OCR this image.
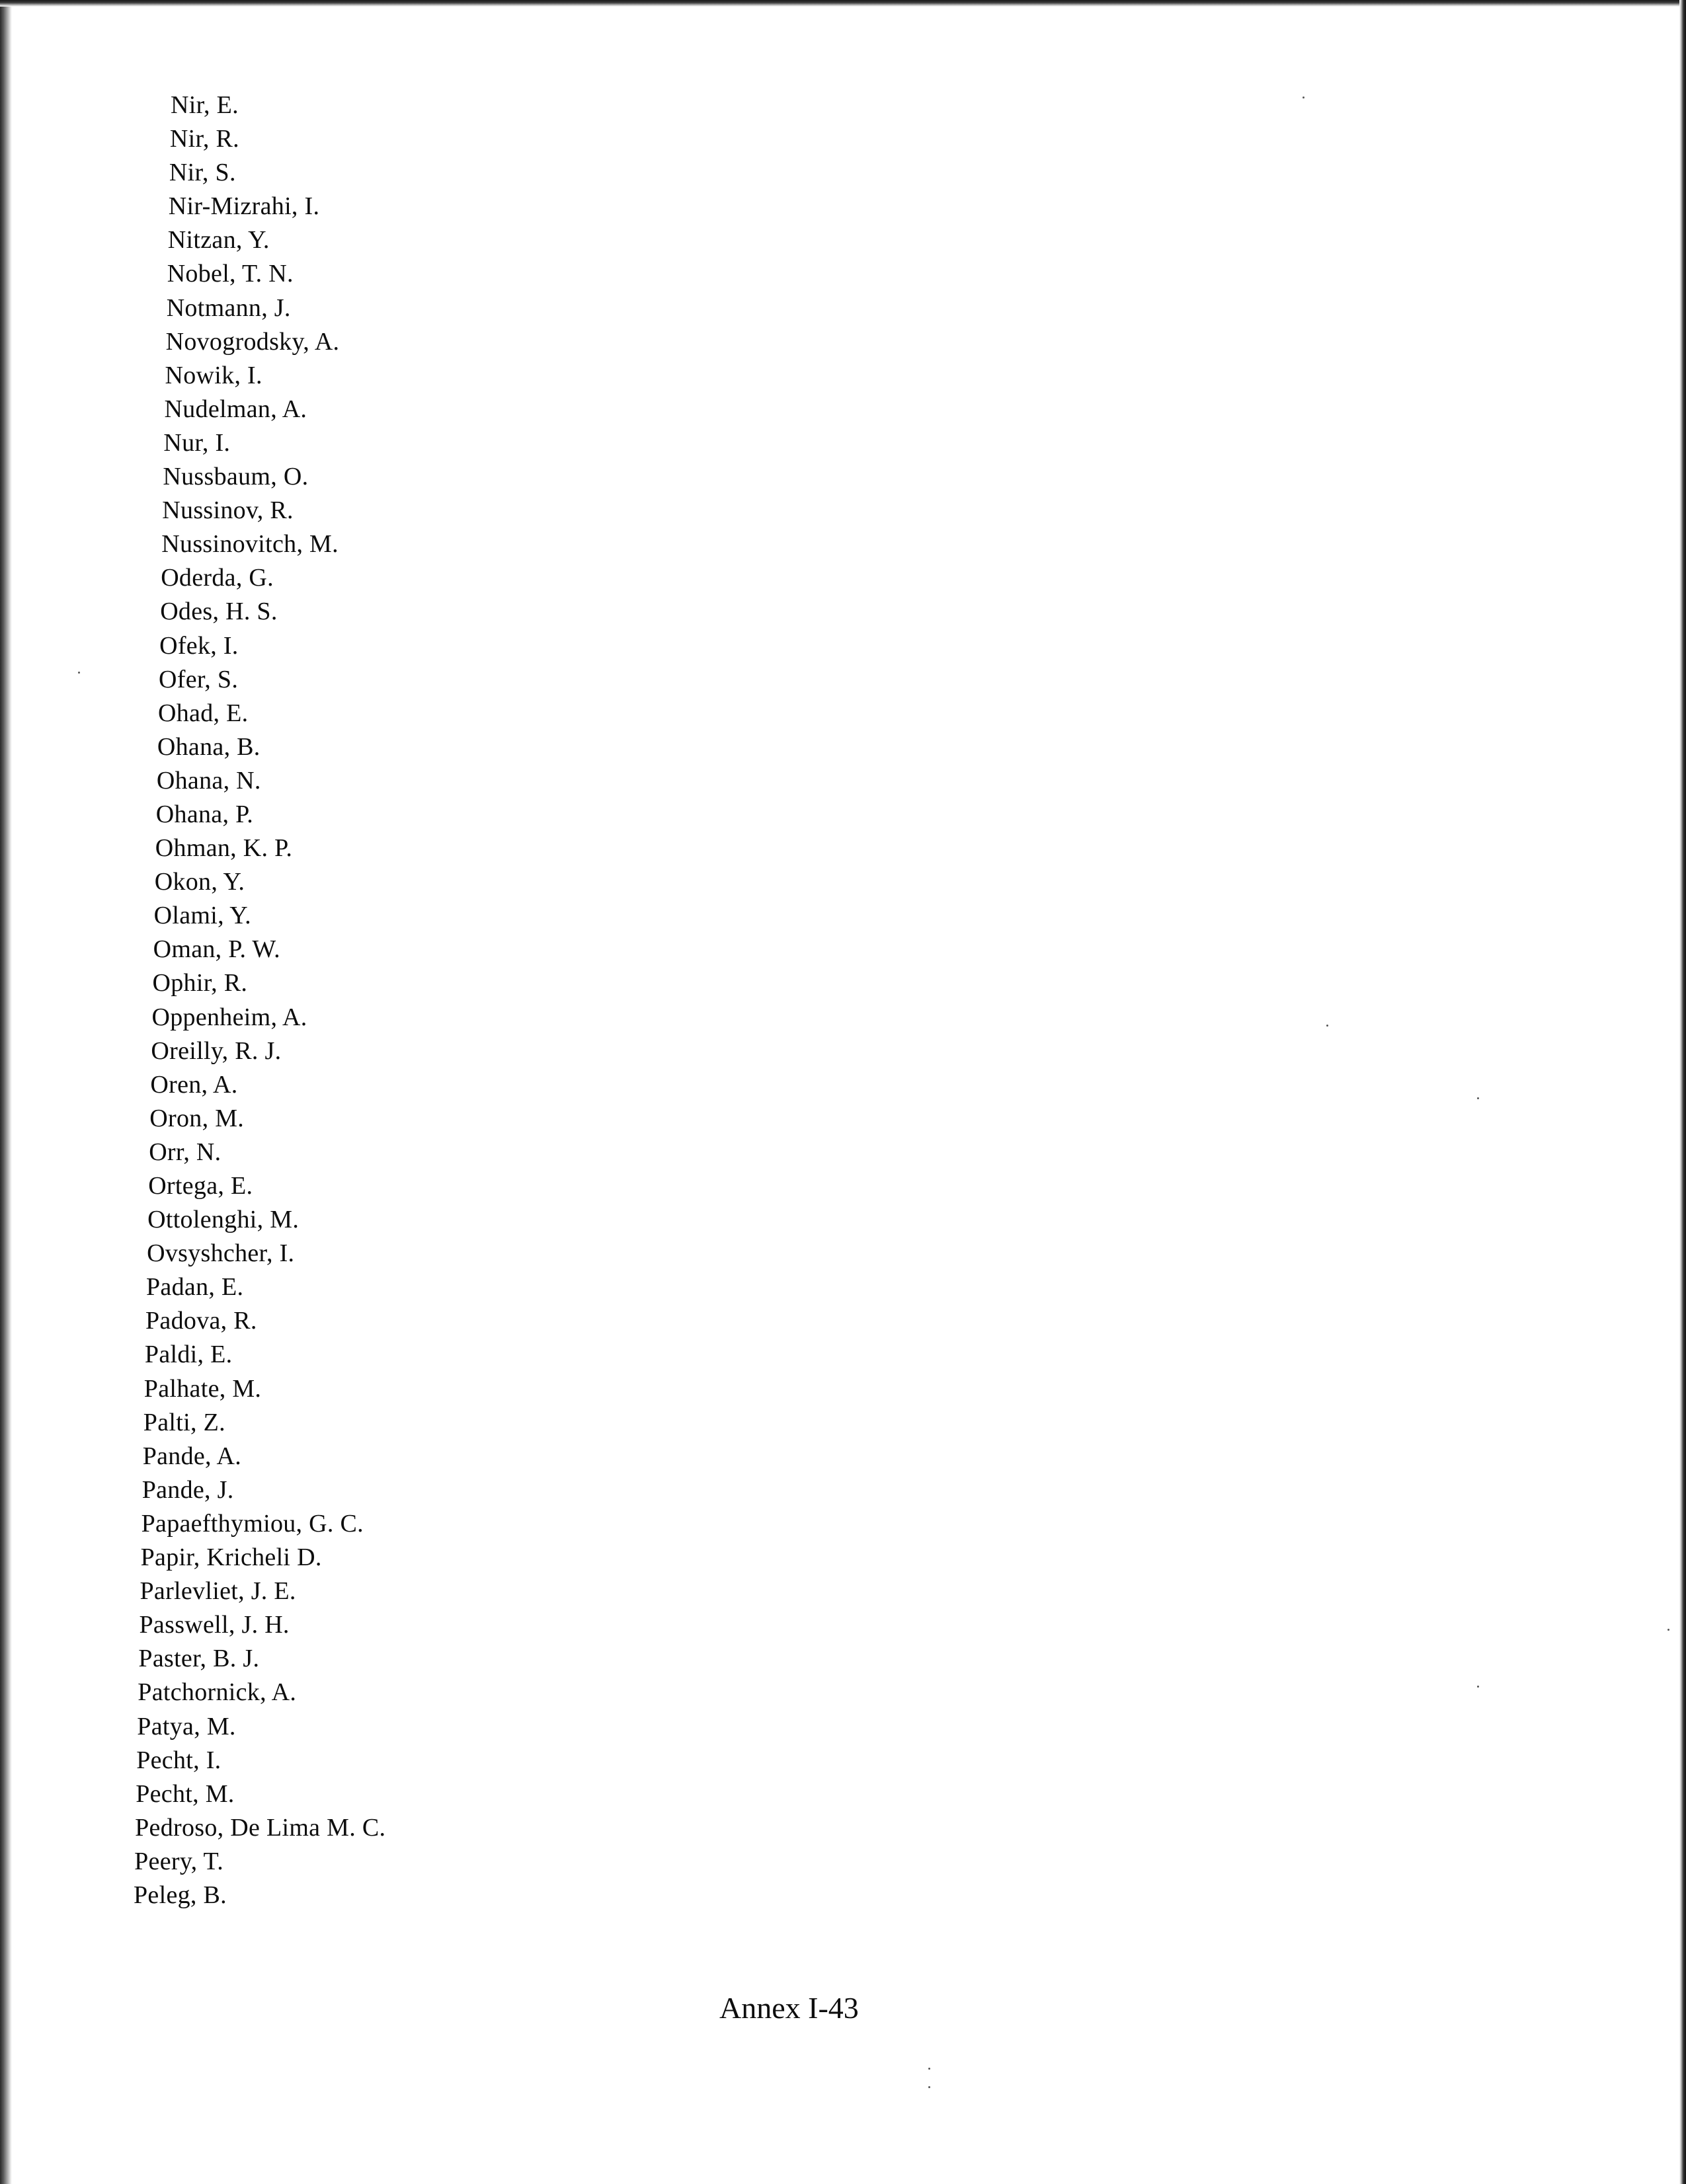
Nir, E.
Nir, R.
Nir, S.
Nir-Mizrahi, I.
Nitzan, Y.
Nobel, T. N.
Notmann, J.
Novogrodsky, A.
Nowik, I.
Nudelman, A.
Nur, I.
Nussbaum, O.
Nussinov, R.
Nussinovitch, M.
Oderda, G.
Odes, H. S.
Ofek, I.
Ofer, S.
Ohad, E.
Ohana, B.
Ohana, N.
Ohana, P.
Ohman, K. P.
Okon, Y.
Olami, Y.
Oman, P. W.
Ophir, R.
Oppenheim, A.
Oreilly, R. J.
Oren, A.
Oron, M.
Orr, N.
Ortega, E.
Ottolenghi, M.
Ovsyshcher, I.
Padan, E.
Padova, R.
Paldi, E.
Palhate, M.
Palti, Z.
Pande, A.
Pande, J.
Papaefthymiou, G. C.
Papir, Kricheli D.
Parlevliet, J. E.
Passwell, J. H.
Paster, B. J.
Patchornick, A.
Patya, M.
Pecht, I.
Pecht, M.
Pedroso, De Lima M. C.
Peery, T.
Peleg, B.
Annex I-43
